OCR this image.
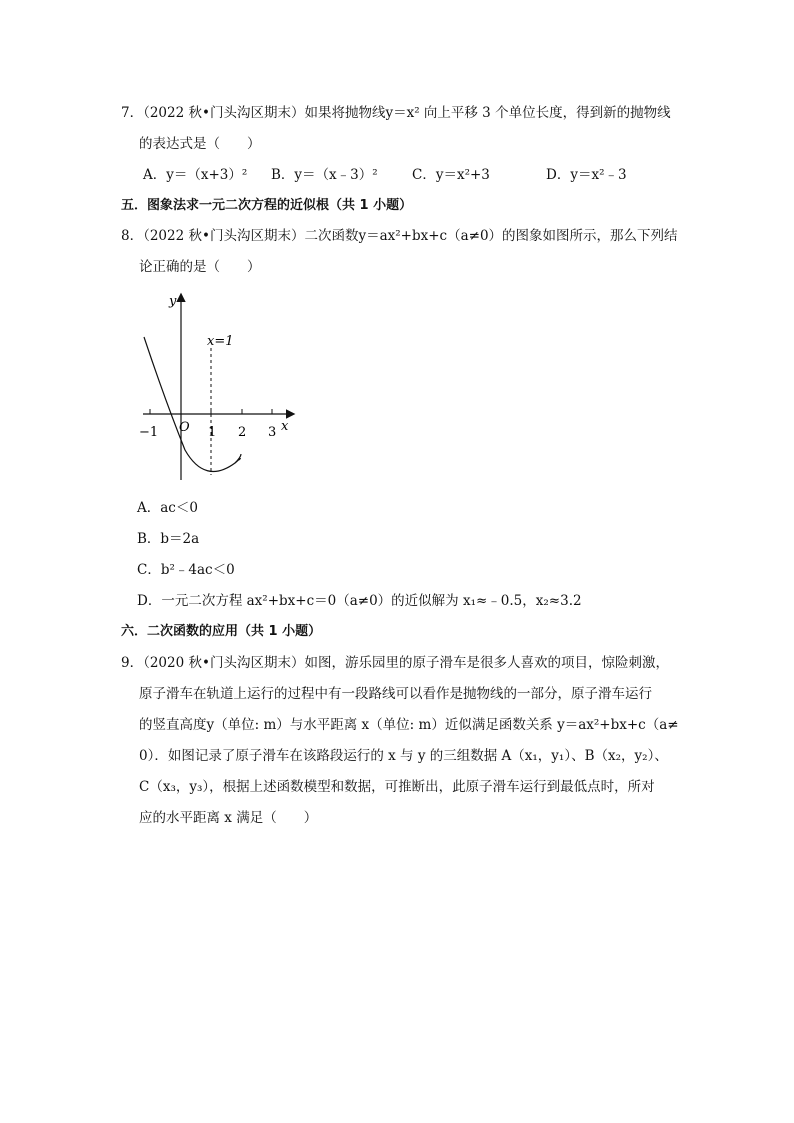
7．（2022 秋•门头沟区期末）如果将抛物线y＝x² 向上平移 3 个单位长度，得到新的抛物线
的表达式是（　　）
A．y＝（x+3）² B．y＝（x﹣3）²	C．y＝x²+3	D．y＝x²﹣3
五．图象法求一元二次方程的近似根（共 1 小题）
8．（2022 秋•门头沟区期末）二次函数y＝ax²+bx+c（a≠0）的图象如图所示，那么下列结
论正确的是（　　）
y
x
O
x=1
−1	1 2 3
A．ac＜0
B．b＝2a
C．b²﹣4ac＜0
D．一元二次方程 ax²+bx+c＝0（a≠0）的近似解为 x₁≈﹣0.5，x₂≈3.2
六．二次函数的应用（共 1 小题）
9．（2020 秋•门头沟区期末）如图，游乐园里的原子滑车是很多人喜欢的项目，惊险刺激，
原子滑车在轨道上运行的过程中有一段路线可以看作是抛物线的一部分，原子滑车运行
的竖直高度y（单位: m）与水平距离 x（单位: m）近似满足函数关系 y＝ax²+bx+c（a≠
0）．如图记录了原子滑车在该路段运行的 x 与 y 的三组数据 A（x₁，y₁）、B（x₂，y₂）、
C（x₃，y₃），根据上述函数模型和数据，可推断出，此原子滑车运行到最低点时，所对
应的水平距离 x 满足（　　）
